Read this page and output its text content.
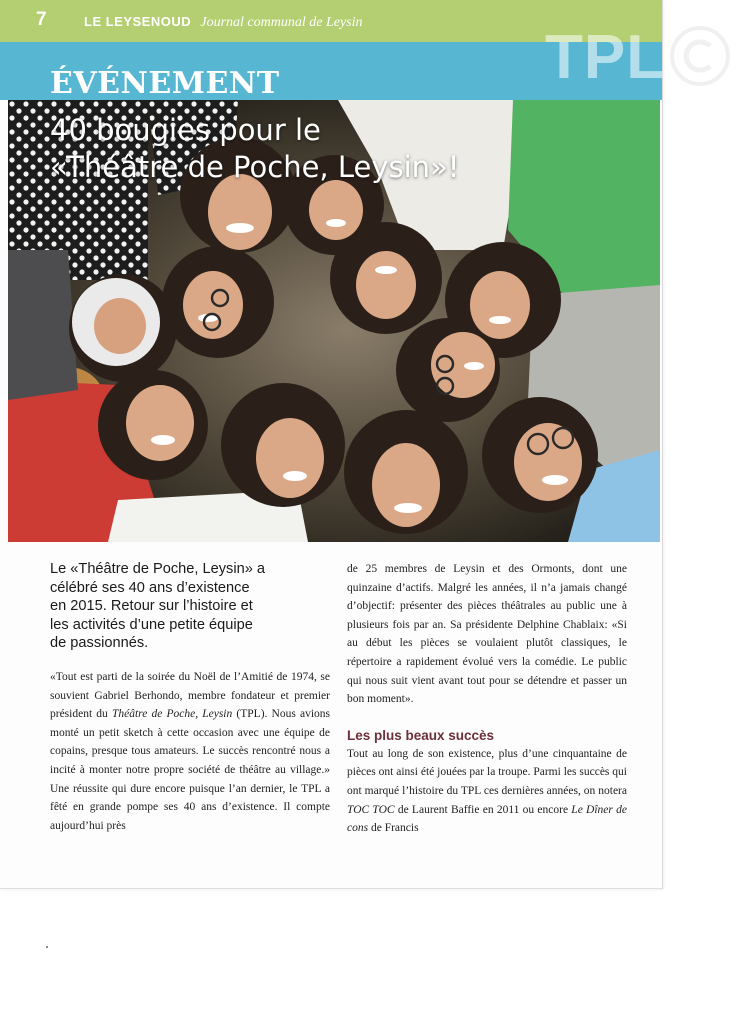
7	LE LEYSENOUD Journal communal de Leysin
ÉVÉNEMENT
40 bougies pour le
«Théâtre de Poche, Leysin»!

Le «Théâtre de Poche, Leysin» a
célébré ses 40 ans d’existence
en 2015. Retour sur l’histoire et
les activités d’une petite équipe
de passionnés.

«Tout est parti de la soirée du Noël de l’Amitié de 1974, se souvient Gabriel Berhondo, membre fondateur et premier président du Théâtre de Poche, Leysin (TPL). Nous avions monté un petit sketch à cette occasion avec une équipe de copains, presque tous amateurs. Le succès rencontré nous a incité à monter notre propre société de théâtre au village.» Une réussite qui dure encore puisque l’an dernier, le TPL a fêté en grande pompe ses 40 ans d’existence. Il compte aujourd’hui près

de 25 membres de Leysin et des Ormonts, dont une quinzaine d’actifs. Malgré les années, il n’a jamais changé d’objectif: présenter des pièces théâtrales au public une à plusieurs fois par an. Sa présidente Delphine Chablaix: «Si au début les pièces se voulaient plutôt classiques, le répertoire a rapidement évolué vers la comédie. Le public qui nous suit vient avant tout pour se détendre et passer un bon moment».

Les plus beaux succès

Tout au long de son existence, plus d’une cinquantaine de pièces ont ainsi été jouées par la troupe. Parmi les succès qui ont marqué l’histoire du TPL ces dernières années, on notera TOC TOC de Laurent Baffie en 2011 ou encore Le Dîner de cons de Francis

TPL
